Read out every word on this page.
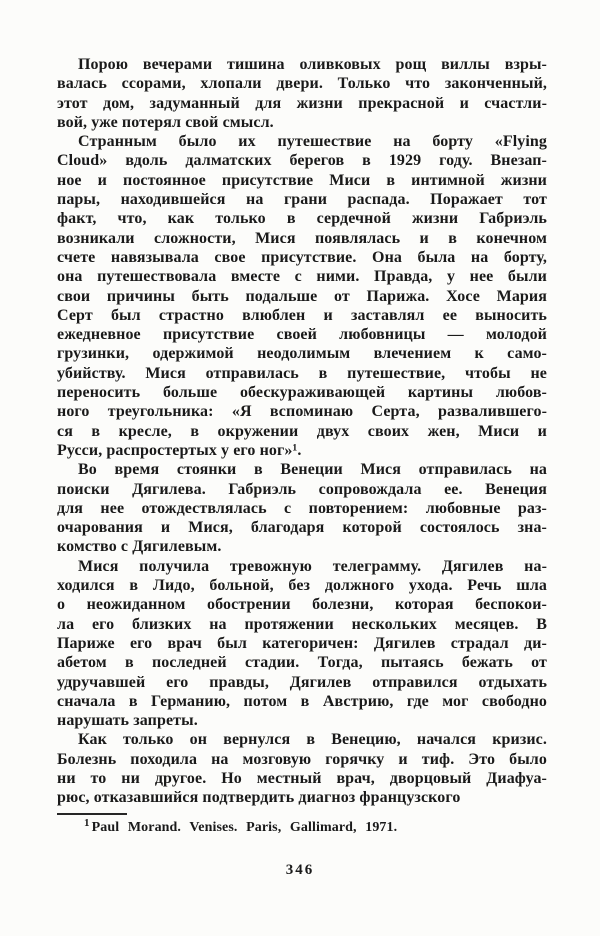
Порою вечерами тишина оливковых рощ виллы взры-
валась ссорами, хлопали двери. Только что законченный,
этот дом, задуманный для жизни прекрасной и счастли-
вой, уже потерял свой смысл.
Странным было их путешествие на борту «Flying
Cloud» вдоль далматских берегов в 1929 году. Внезап-
ное и постоянное присутствие Миси в интимной жизни
пары, находившейся на грани распада. Поражает тот
факт, что, как только в сердечной жизни Габриэль
возникали сложности, Мися появлялась и в конечном
счете навязывала свое присутствие. Она была на борту,
она путешествовала вместе с ними. Правда, у нее были
свои причины быть подальше от Парижа. Хосе Мария
Серт был страстно влюблен и заставлял ее выносить
ежедневное присутствие своей любовницы — молодой
грузинки, одержимой неодолимым влечением к само-
убийству. Мися отправилась в путешествие, чтобы не
переносить больше обескураживающей картины любов-
ного треугольника: «Я вспоминаю Серта, развалившего-
ся в кресле, в окружении двух своих жен, Миси и
Русси, распростертых у его ног»¹.
Во время стоянки в Венеции Мися отправилась на
поиски Дягилева. Габриэль сопровождала ее. Венеция
для нее отождествлялась с повторением: любовные раз-
очарования и Мися, благодаря которой состоялось зна-
комство с Дягилевым.
Мися получила тревожную телеграмму. Дягилев на-
ходился в Лидо, больной, без должного ухода. Речь шла
о неожиданном обострении болезни, которая беспокои-
ла его близких на протяжении нескольких месяцев. В
Париже его врач был категоричен: Дягилев страдал ди-
абетом в последней стадии. Тогда, пытаясь бежать от
удручавшей его правды, Дягилев отправился отдыхать
сначала в Германию, потом в Австрию, где мог свободно
нарушать запреты.
Как только он вернулся в Венецию, начался кризис.
Болезнь походила на мозговую горячку и тиф. Это было
ни то ни другое. Но местный врач, дворцовый Диафуа-
рюс, отказавшийся подтвердить диагноз французского
$^1$ Paul Morand. Venises. Paris, Gallimard, 1971.
346
